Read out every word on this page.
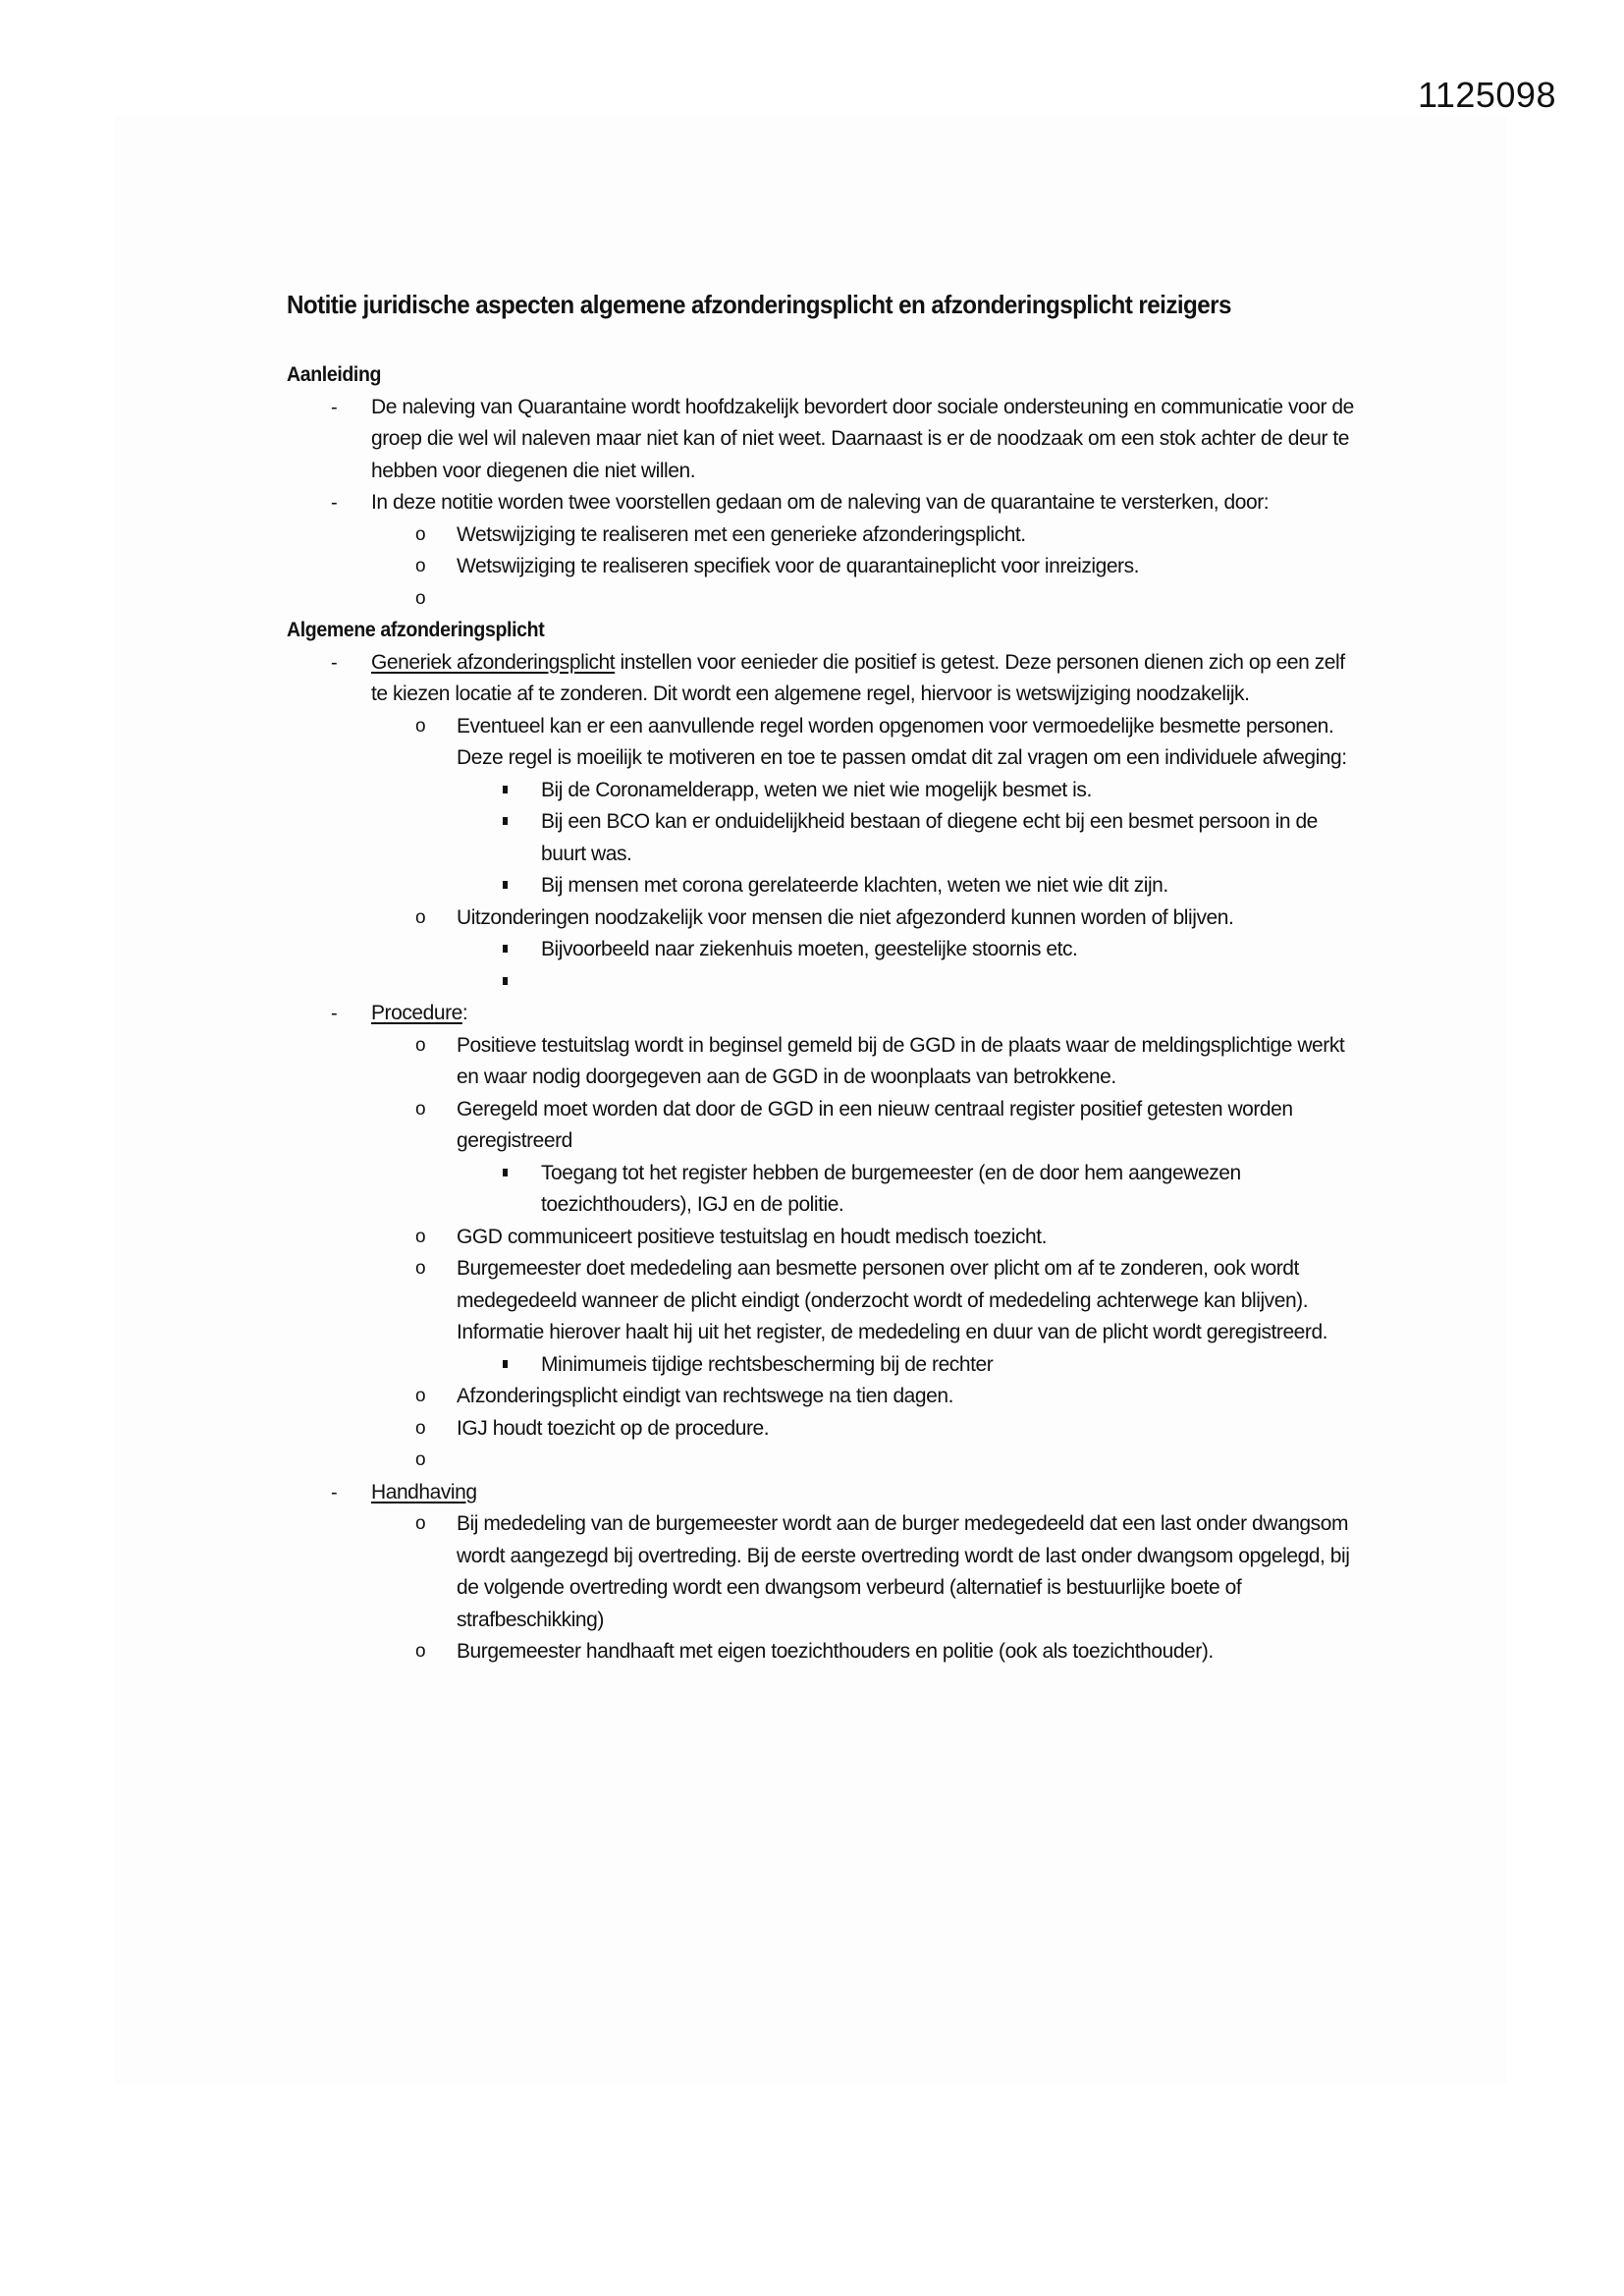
1125098
Notitie juridische aspecten algemene afzonderingsplicht en afzonderingsplicht reizigers
Aanleiding
- De naleving van Quarantaine wordt hoofdzakelijk bevordert door sociale ondersteuning en communicatie voor de groep die wel wil naleven maar niet kan of niet weet. Daarnaast is er de noodzaak om een stok achter de deur te hebben voor diegenen die niet willen.
- In deze notitie worden twee voorstellen gedaan om de naleving van de quarantaine te versterken, door:
o Wetswijziging te realiseren met een generieke afzonderingsplicht.
o Wetswijziging te realiseren specifiek voor de quarantaineplicht voor inreizigers.
o

Algemene afzonderingsplicht
- Generiek afzonderingsplicht instellen voor eenieder die positief is getest. Deze personen dienen zich op een zelf te kiezen locatie af te zonderen. Dit wordt een algemene regel, hiervoor is wetswijziging noodzakelijk.
o Eventueel kan er een aanvullende regel worden opgenomen voor vermoedelijke besmette personen. Deze regel is moeilijk te motiveren en toe te passen omdat dit zal vragen om een individuele afweging:
Bij de Coronamelderapp, weten we niet wie mogelijk besmet is.
Bij een BCO kan er onduidelijkheid bestaan of diegene echt bij een besmet persoon in de buurt was.
Bij mensen met corona gerelateerde klachten, weten we niet wie dit zijn.
o Uitzonderingen noodzakelijk voor mensen die niet afgezonderd kunnen worden of blijven.
Bijvoorbeeld naar ziekenhuis moeten, geestelijke stoornis etc.

- Procedure:
o Positieve testuitslag wordt in beginsel gemeld bij de GGD in de plaats waar de meldingsplichtige werkt en waar nodig doorgegeven aan de GGD in de woonplaats van betrokkene.
o Geregeld moet worden dat door de GGD in een nieuw centraal register positief getesten worden geregistreerd
Toegang tot het register hebben de burgemeester (en de door hem aangewezen toezichthouders), IGJ en de politie.
o GGD communiceert positieve testuitslag en houdt medisch toezicht.
o Burgemeester doet mededeling aan besmette personen over plicht om af te zonderen, ook wordt medegedeeld wanneer de plicht eindigt (onderzocht wordt of mededeling achterwege kan blijven). Informatie hierover haalt hij uit het register, de mededeling en duur van de plicht wordt geregistreerd.
Minimumeis tijdige rechtsbescherming bij de rechter
o Afzonderingsplicht eindigt van rechtswege na tien dagen.
o IGJ houdt toezicht op de procedure.
o

- Handhaving
o Bij mededeling van de burgemeester wordt aan de burger medegedeeld dat een last onder dwangsom wordt aangezegd bij overtreding. Bij de eerste overtreding wordt de last onder dwangsom opgelegd, bij de volgende overtreding wordt een dwangsom verbeurd (alternatief is bestuurlijke boete of strafbeschikking)
o Burgemeester handhaaft met eigen toezichthouders en politie (ook als toezichthouder).
